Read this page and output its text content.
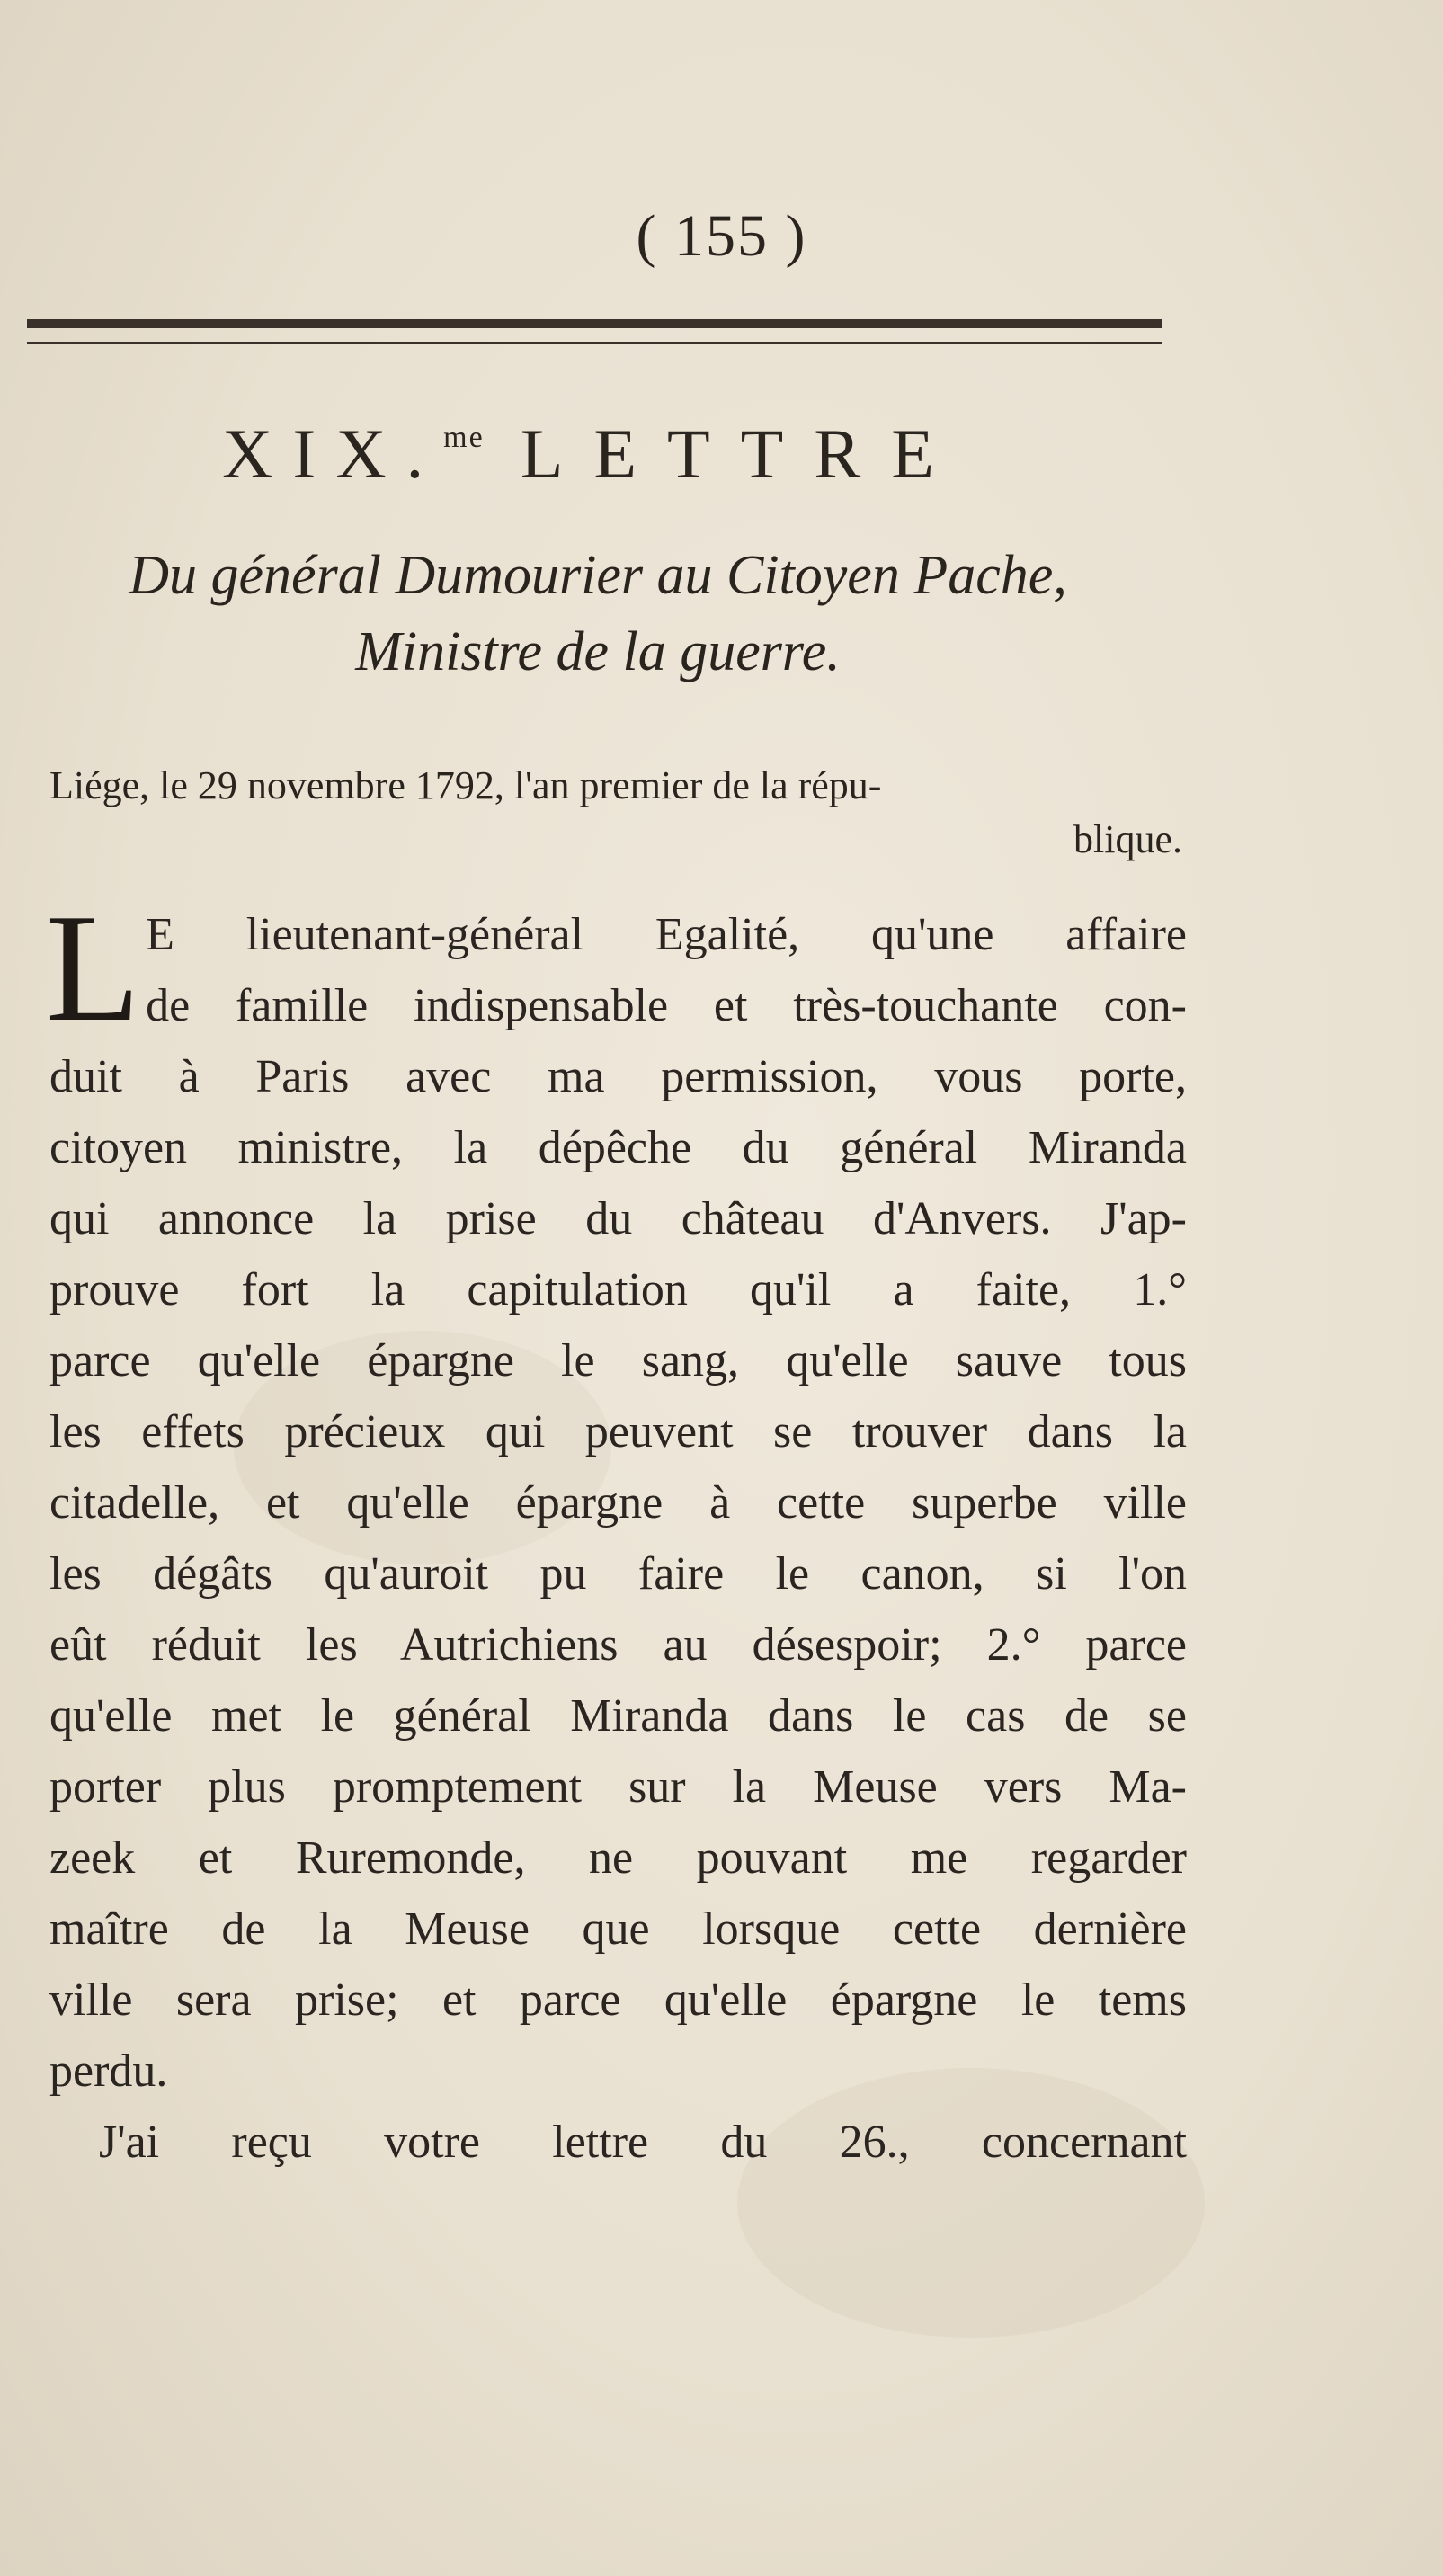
( 155 )
XIX.$^{me}$ LETTRE
Du général Dumourier au Citoyen Pache,
Ministre de la guerre.
Liége, le 29 novembre 1792, l'an premier de la répu-
blique.
L E lieutenant-général Egalité, qu'une affaire
de famille indispensable et très-touchante con-
duit à Paris avec ma permission, vous porte,
citoyen ministre, la dépêche du général Miranda
qui annonce la prise du château d'Anvers. J'ap-
prouve fort la capitulation qu'il a faite, 1.°
parce qu'elle épargne le sang, qu'elle sauve tous
les effets précieux qui peuvent se trouver dans la
citadelle, et qu'elle épargne à cette superbe ville
les dégâts qu'auroit pu faire le canon, si l'on
eût réduit les Autrichiens au désespoir; 2.° parce
qu'elle met le général Miranda dans le cas de se
porter plus promptement sur la Meuse vers Ma-
zeek et Ruremonde, ne pouvant me regarder
maître de la Meuse que lorsque cette dernière
ville sera prise; et parce qu'elle épargne le tems
perdu.
J'ai reçu votre lettre du 26., concernant
